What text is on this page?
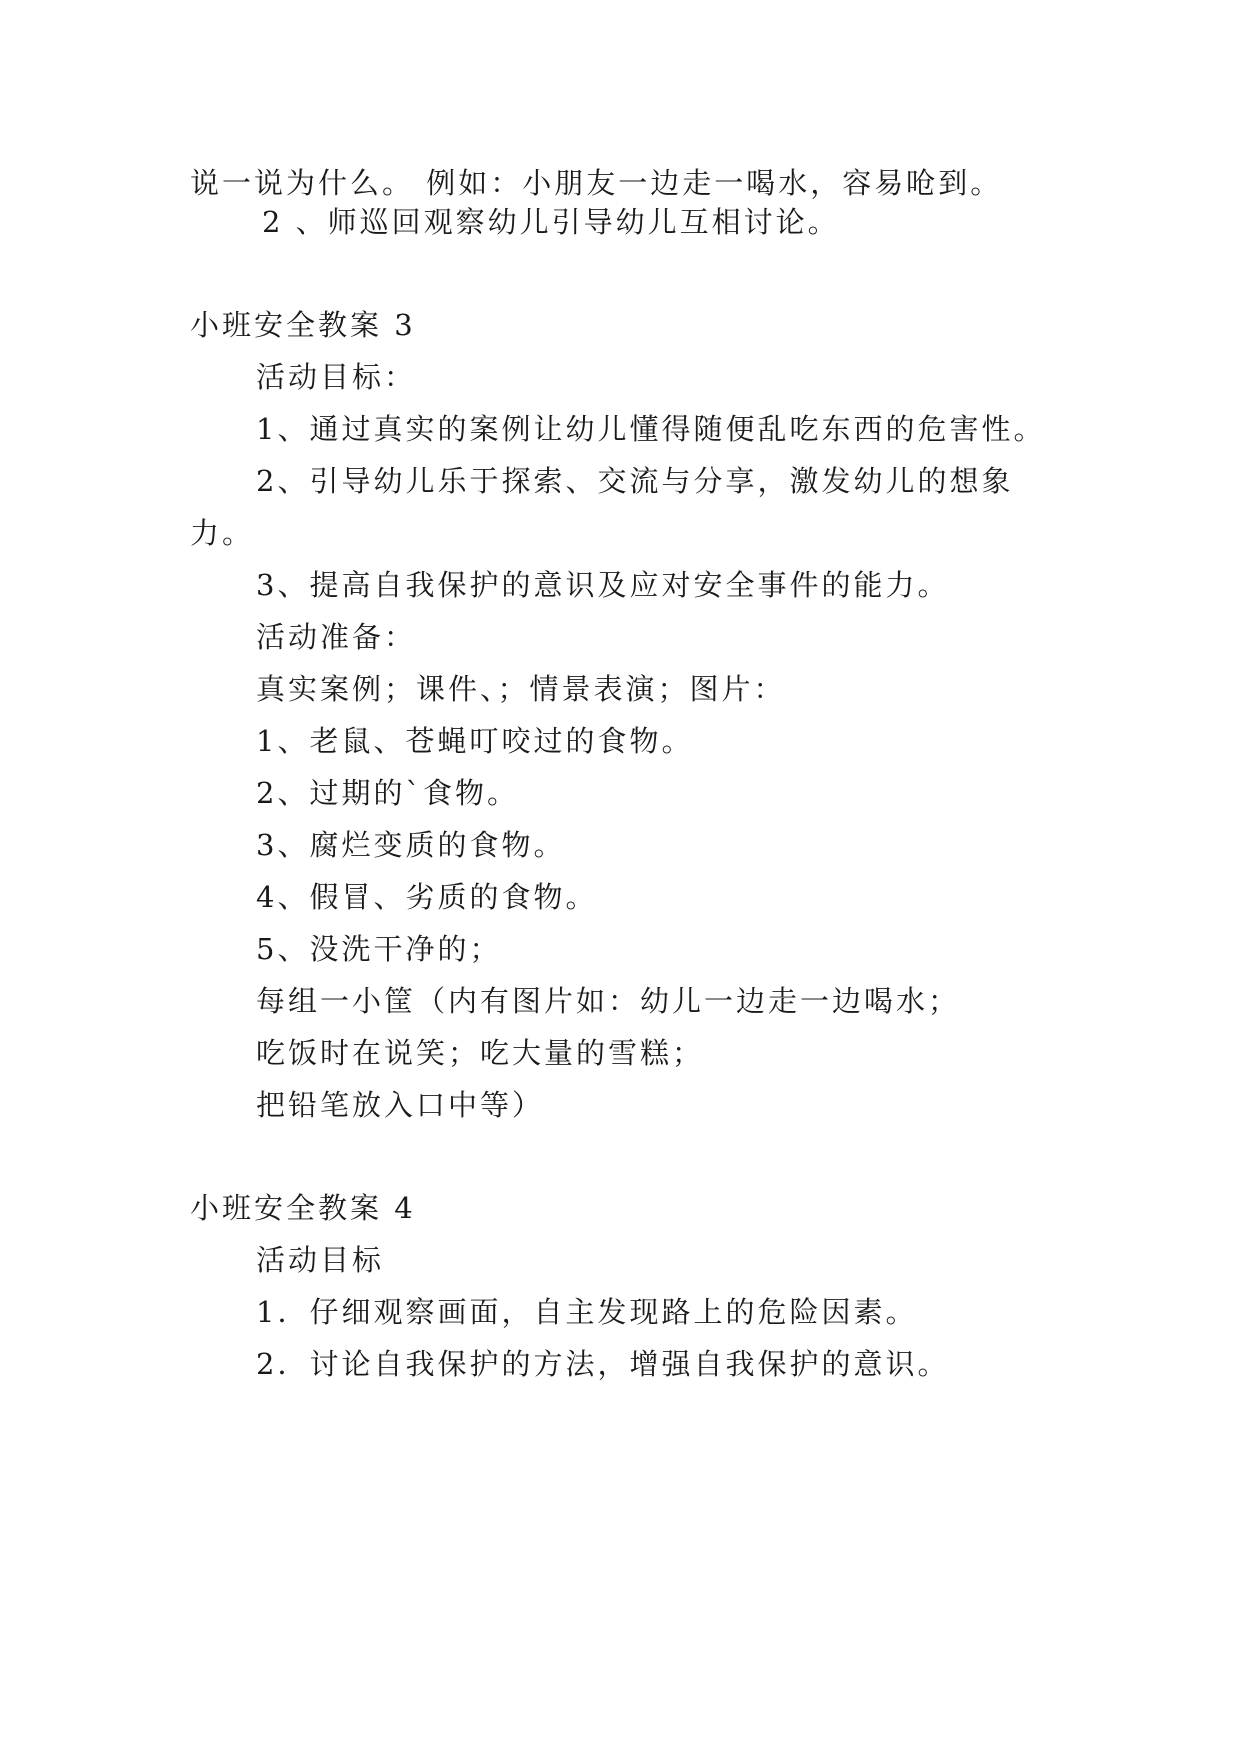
说一说为什么。 例如：小朋友一边走一喝水，容易呛到。
2 、师巡回观察幼儿引导幼儿互相讨论。
小班安全教案 3
活动目标：
1、通过真实的案例让幼儿懂得随便乱吃东西的危害性。
2、引导幼儿乐于探索、交流与分享，激发幼儿的想象
力。
3、提高自我保护的意识及应对安全事件的能力。
活动准备：
真实案例；课件、；情景表演；图片：
1、老鼠、苍蝇叮咬过的食物。
2、过期的`食物。
3、腐烂变质的食物。
4、假冒、劣质的食物。
5、没洗干净的；
每组一小筐（内有图片如：幼儿一边走一边喝水；
吃饭时在说笑；吃大量的雪糕；
把铅笔放入口中等）
小班安全教案 4
活动目标
1．仔细观察画面，自主发现路上的危险因素。
2．讨论自我保护的方法，增强自我保护的意识。
